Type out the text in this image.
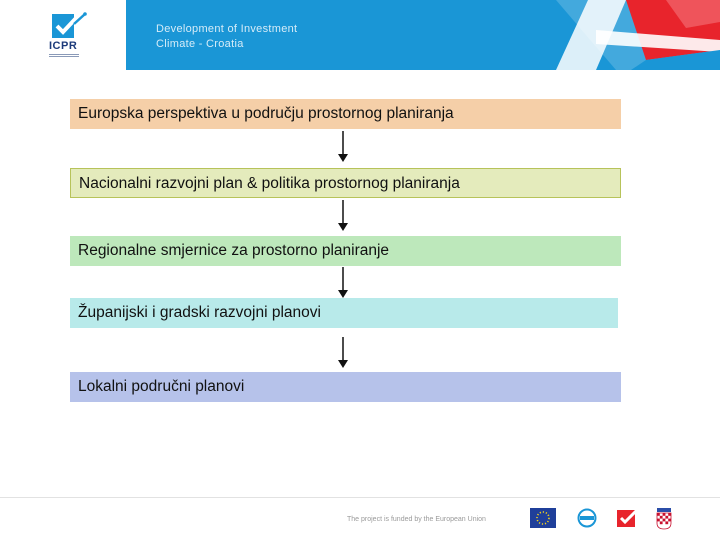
ICPR
Development of Investment
Climate - Croatia
Europska perspektiva u području prostornog planiranja
Nacionalni razvojni plan & politika prostornog planiranja
Regionalne smjernice za prostorno planiranje
Županijski i gradski razvojni planovi
Lokalni područni planovi
The project is funded by the European Union
